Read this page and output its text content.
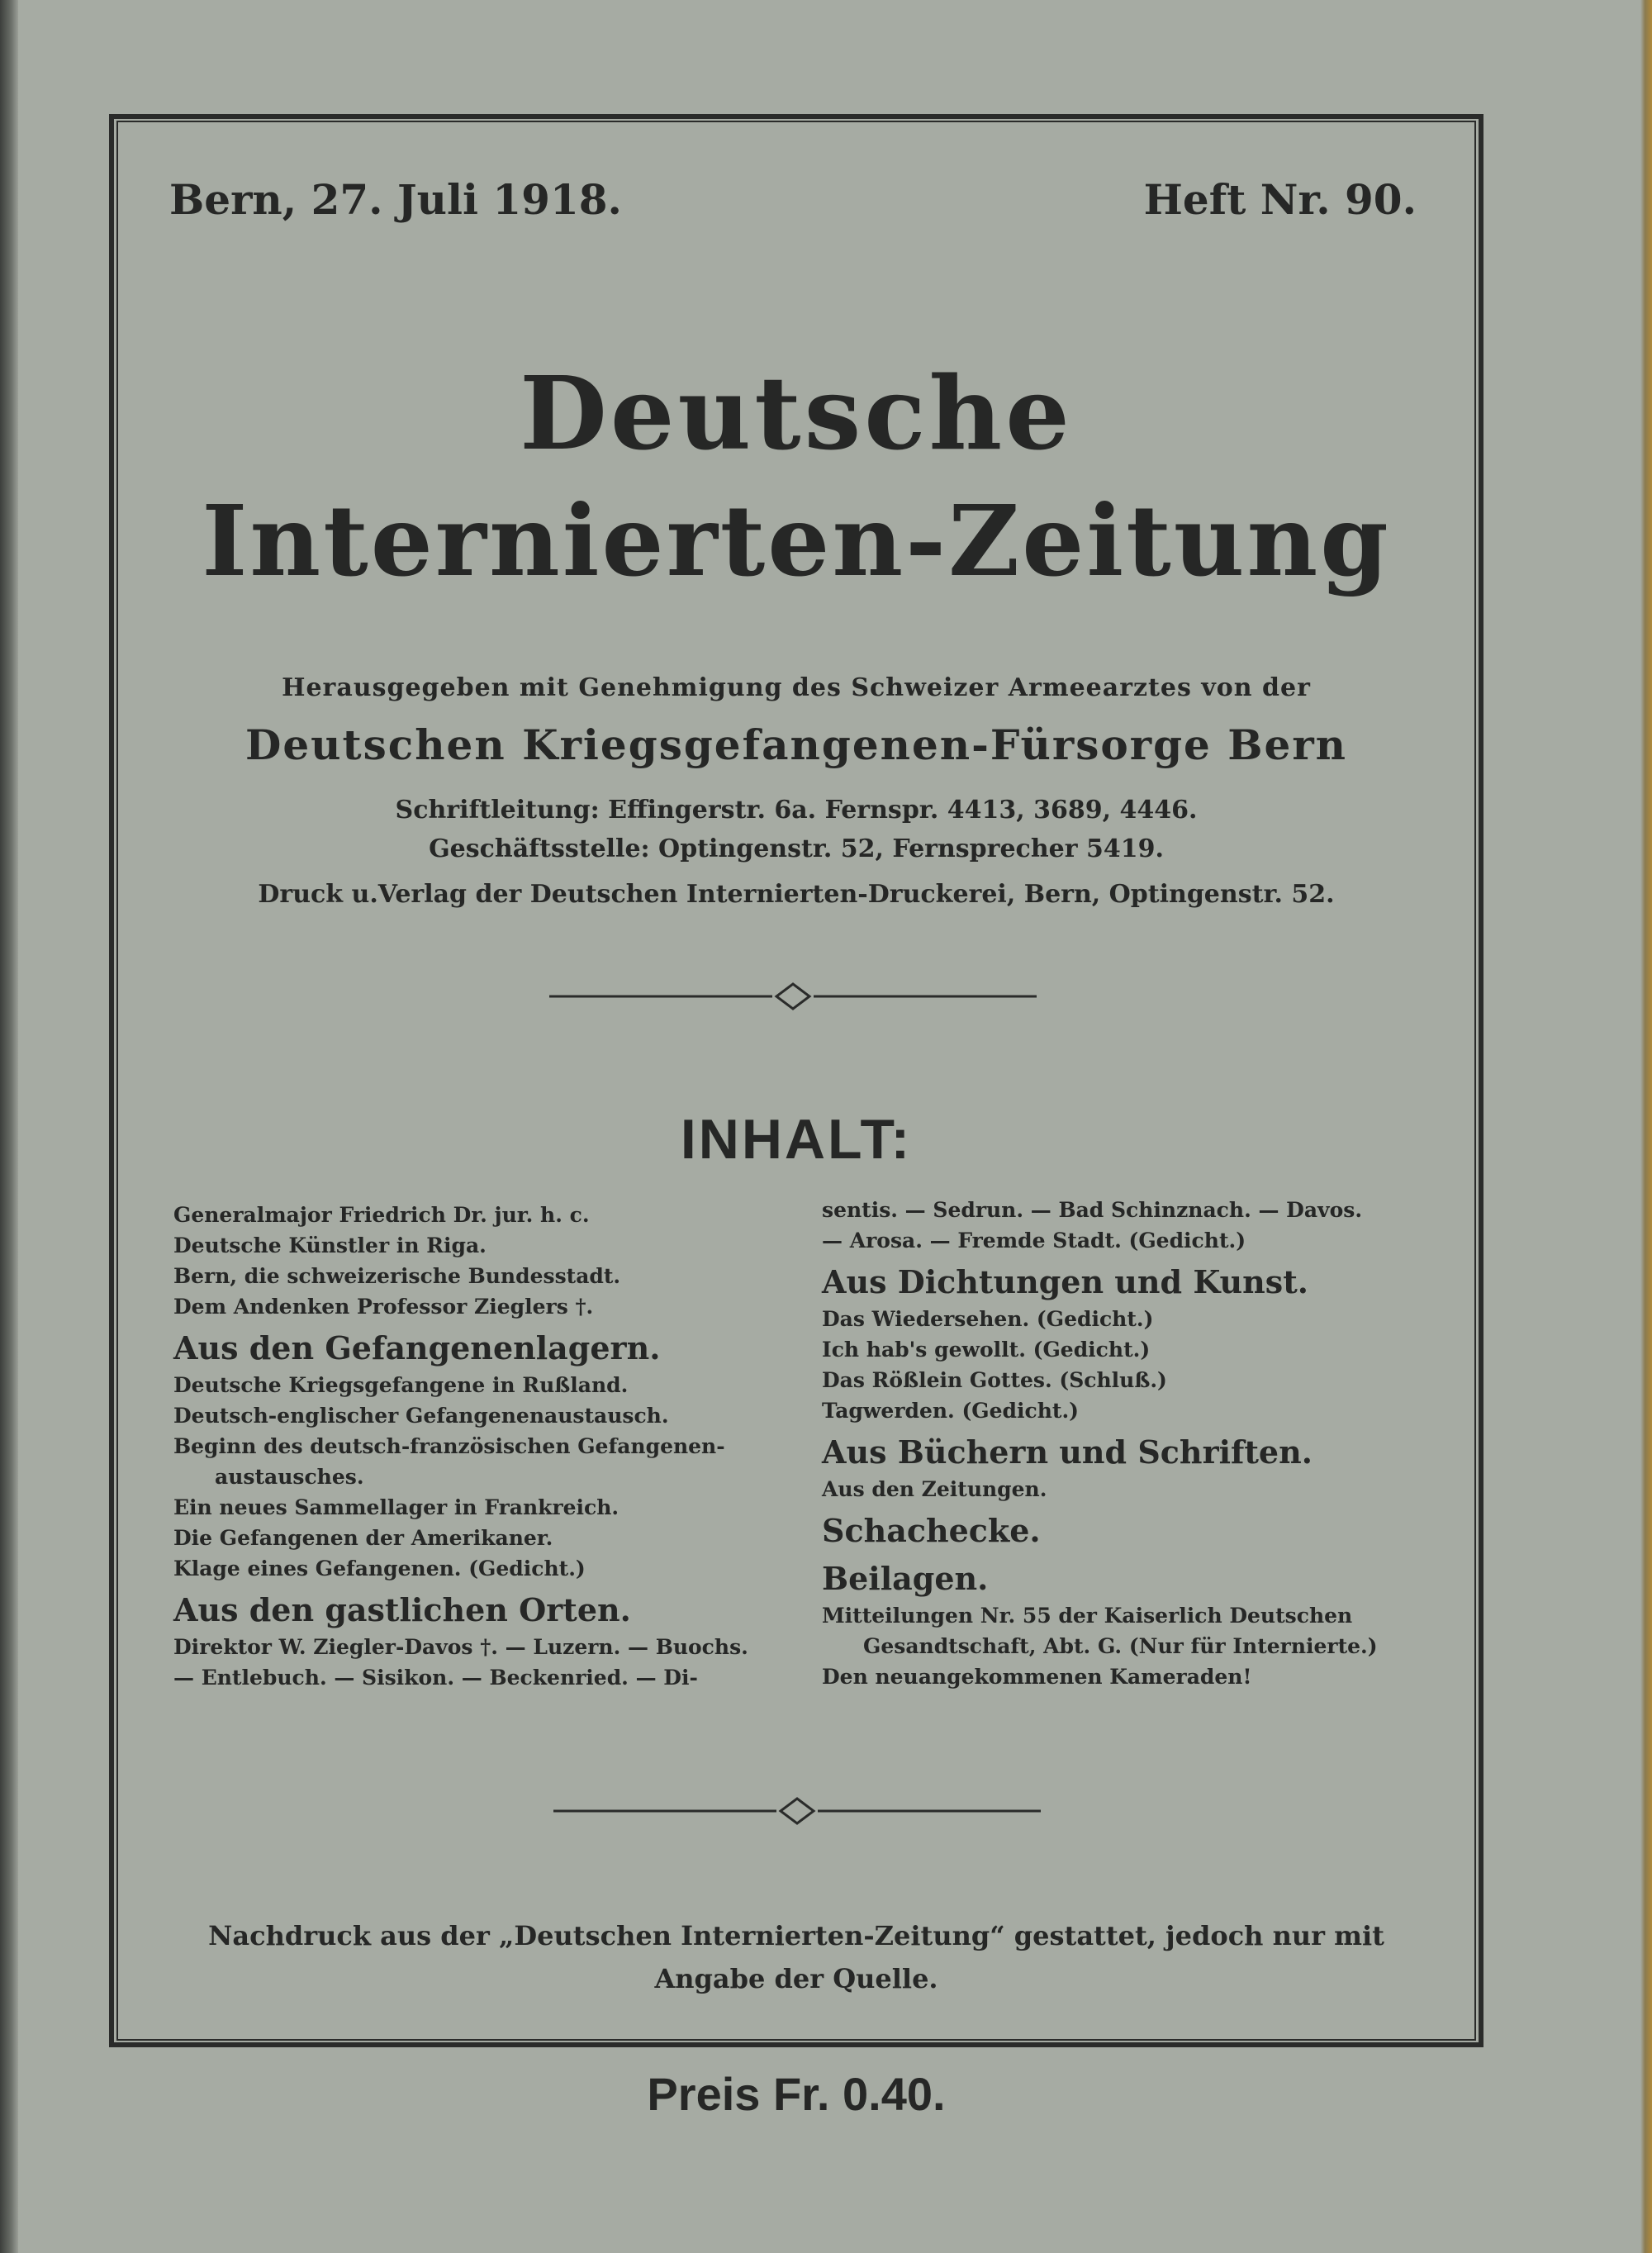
Bern, 27. Juli 1918.	Heft Nr. 90.
Deutsche
Internierten-Zeitung
Herausgegeben mit Genehmigung des Schweizer Armeearztes von der
Deutschen Kriegsgefangenen-Fürsorge Bern
Schriftleitung: Effingerstr. 6a. Fernspr. 4413, 3689, 4446.
Geschäftsstelle: Optingenstr. 52, Fernsprecher 5419.
Druck u.Verlag der Deutschen Internierten-Druckerei, Bern, Optingenstr. 52.
INHALT:
Generalmajor Friedrich Dr. jur. h. c.
Deutsche Künstler in Riga.
Bern, die schweizerische Bundesstadt.
Dem Andenken Professor Zieglers †.
Aus den Gefangenenlagern.
Deutsche Kriegsgefangene in Rußland.
Deutsch-englischer Gefangenenaustausch.
Beginn des deutsch-französischen Gefangenen-
austausches.
Ein neues Sammellager in Frankreich.
Die Gefangenen der Amerikaner.
Klage eines Gefangenen. (Gedicht.)
Aus den gastlichen Orten.
Direktor W. Ziegler-Davos †. — Luzern. — Buochs.
— Entlebuch. — Sisikon. — Beckenried. — Di-
sentis. — Sedrun. — Bad Schinznach. — Davos.
— Arosa. — Fremde Stadt. (Gedicht.)
Aus Dichtungen und Kunst.
Das Wiedersehen. (Gedicht.)
Ich hab's gewollt. (Gedicht.)
Das Rößlein Gottes. (Schluß.)
Tagwerden. (Gedicht.)
Aus Büchern und Schriften.
Aus den Zeitungen.
Schachecke.
Beilagen.
Mitteilungen Nr. 55 der Kaiserlich Deutschen
Gesandtschaft, Abt. G. (Nur für Internierte.)
Den neuangekommenen Kameraden!
Nachdruck aus der „Deutschen Internierten-Zeitung“ gestattet, jedoch nur mit
Angabe der Quelle.
Preis Fr. 0.40.
